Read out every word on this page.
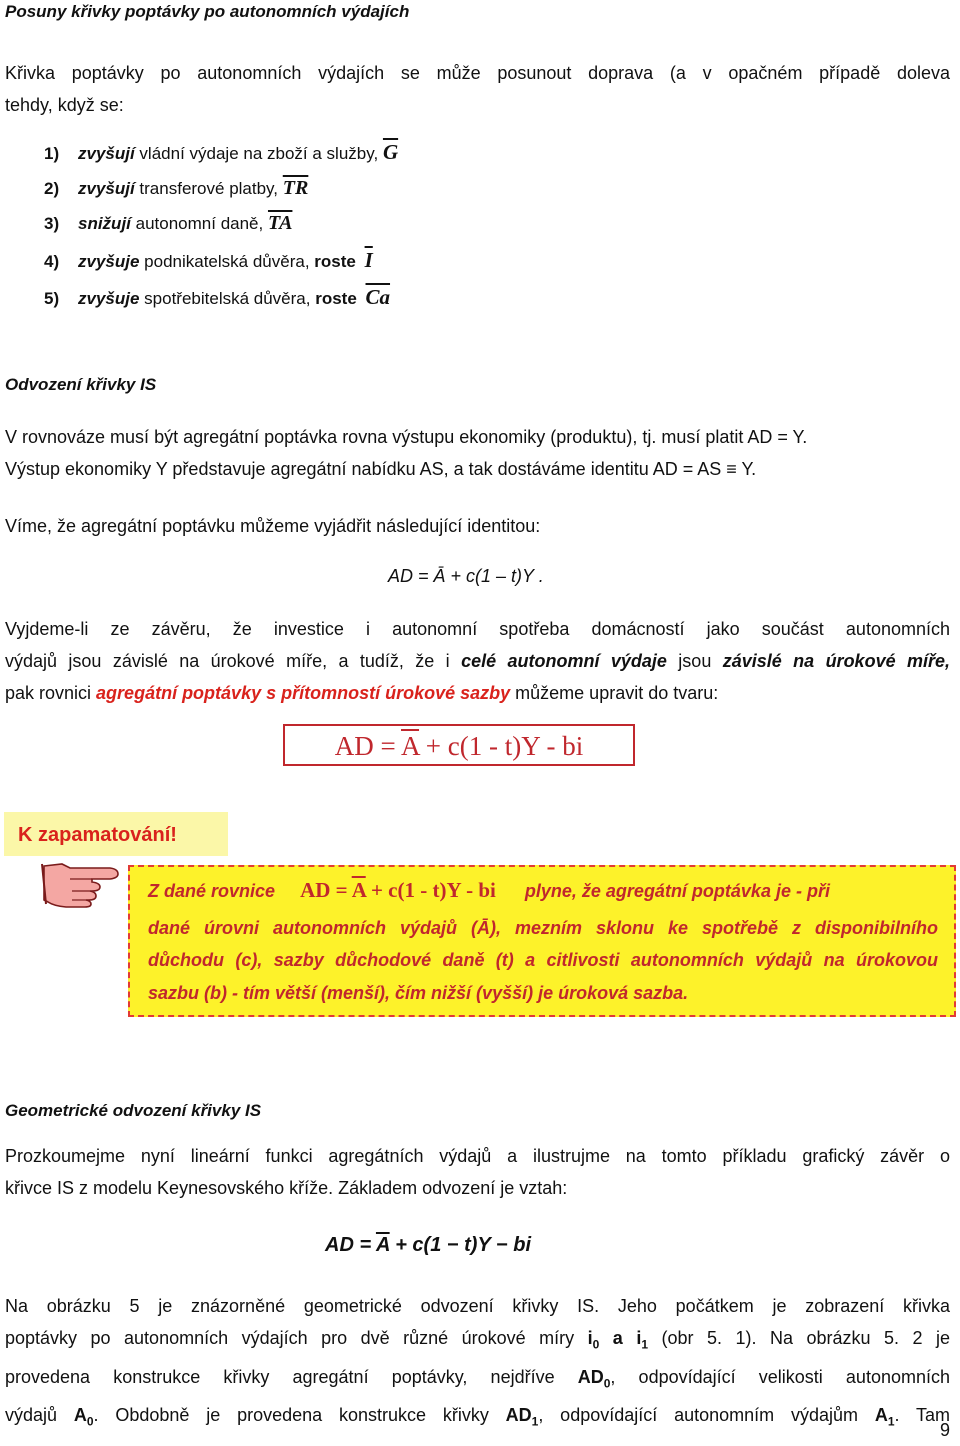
Posuny křivky poptávky po autonomních výdajích
Křivka poptávky po autonomních výdajích se může posunout doprava (a v opačném případě doleva
tehdy, když se:
1) zvyšují vládní výdaje na zboží a služby, $\overline{G}$
2) zvyšují transferové platby, $\overline{TR}$
3) snižují autonomní daně, $\overline{TA}$
4) zvyšuje podnikatelská důvěra, roste $\overline{I}$
5) zvyšuje spotřebitelská důvěra, roste $\overline{Ca}$
Odvození křivky IS
V rovnováze musí být agregátní poptávka rovna výstupu ekonomiky (produktu), tj. musí platit AD = Y.
Výstup ekonomiky Y představuje agregátní nabídku AS, a tak dostáváme identitu AD = AS ≡ Y.
Víme, že agregátní poptávku můžeme vyjádřit následující identitou:
AD = Ā + c(1 – t)Y .
Vyjdeme-li ze závěru, že investice i autonomní spotřeba domácností jako součást autonomních
výdajů jsou závislé na úrokové míře, a tudíž, že i celé autonomní výdaje jsou závislé na úrokové míře,
pak rovnici agregátní poptávky s přítomností úrokové sazby můžeme upravit do tvaru:
AD = $\overline{A} + c(1 - t)Y$ - bi
K zapamatování!
Z dané rovnice AD = $\overline{A} + c(1 - t)Y$ - bi plyne, že agregátní poptávka je - při
dané úrovni autonomních výdajů (Ā), mezním sklonu ke spotřebě z disponibilního
důchodu (c), sazby důchodové daně (t) a citlivosti autonomních výdajů na úrokovou
sazbu (b) - tím větší (menší), čím nižší (vyšší) je úroková sazba.
Geometrické odvození křivky IS
Prozkoumejme nyní lineární funkci agregátních výdajů a ilustrujme na tomto příkladu grafický závěr o
křivce IS z modelu Keynesovského kříže. Základem odvození je vztah:
AD = $\overline{A} + c(1 - t)Y$ − bi
Na obrázku 5 je znázorněné geometrické odvození křivky IS. Jeho počátkem je zobrazení křivka
poptávky po autonomních výdajích pro dvě různé úrokové míry $i_0$ a $i_1$ (obr 5. 1). Na obrázku 5. 2 je
provedena konstrukce křivky agregátní poptávky, nejdříve $AD_0$, odpovídající velikosti autonomních
výdajů $A_0$. Obdobně je provedena konstrukce křivky $AD_1$, odpovídající autonomním výdajům $A_1$. Tam
9
